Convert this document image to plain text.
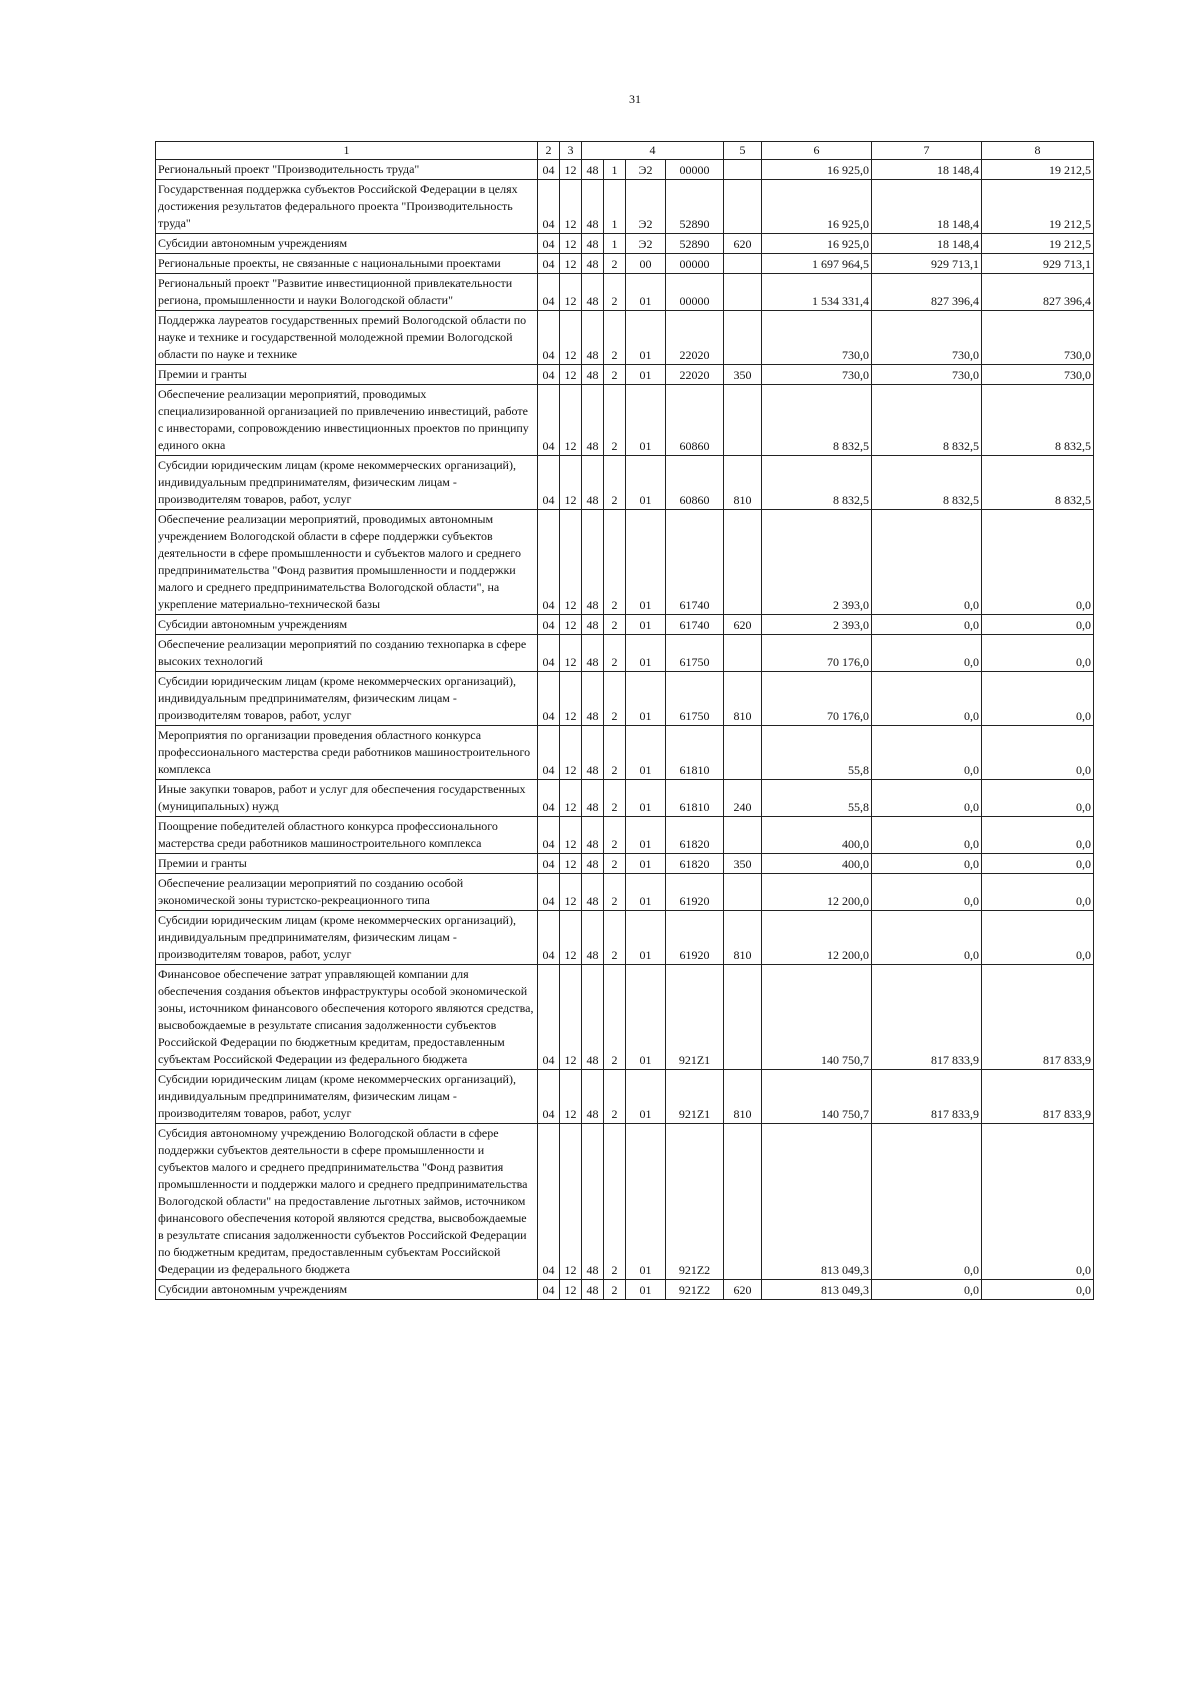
31
1	2	3	4				5	6	7	8
Региональный проект "Производительность труда"	04	12	48	1	Э2	00000		16 925,0	18 148,4	19 212,5
Государственная поддержка субъектов Российской Федерации в целях достижения результатов федерального проекта "Производительность труда"	04	12	48	1	Э2	52890		16 925,0	18 148,4	19 212,5
Субсидии автономным учреждениям	04	12	48	1	Э2	52890	620	16 925,0	18 148,4	19 212,5
Региональные проекты, не связанные с национальными проектами	04	12	48	2	00	00000		1 697 964,5	929 713,1	929 713,1
Региональный проект "Развитие инвестиционной привлекательности региона, промышленности и науки Вологодской области"	04	12	48	2	01	00000		1 534 331,4	827 396,4	827 396,4
Поддержка лауреатов государственных премий Вологодской области по науке и технике и государственной молодежной премии Вологодской области по науке и технике	04	12	48	2	01	22020		730,0	730,0	730,0
Премии и гранты	04	12	48	2	01	22020	350	730,0	730,0	730,0
Обеспечение реализации мероприятий, проводимых специализированной организацией по привлечению инвестиций, работе с инвесторами, сопровождению инвестиционных проектов по принципу единого окна	04	12	48	2	01	60860		8 832,5	8 832,5	8 832,5
Субсидии юридическим лицам (кроме некоммерческих организаций), индивидуальным предпринимателям, физическим лицам - производителям товаров, работ, услуг	04	12	48	2	01	60860	810	8 832,5	8 832,5	8 832,5
Обеспечение реализации мероприятий, проводимых автономным учреждением Вологодской области в сфере поддержки субъектов деятельности в сфере промышленности и субъектов малого и среднего предпринимательства "Фонд развития промышленности и поддержки малого и среднего предпринимательства Вологодской области", на укрепление материально-технической базы	04	12	48	2	01	61740		2 393,0	0,0	0,0
Субсидии автономным учреждениям	04	12	48	2	01	61740	620	2 393,0	0,0	0,0
Обеспечение реализации мероприятий по созданию технопарка в сфере высоких технологий	04	12	48	2	01	61750		70 176,0	0,0	0,0
Субсидии юридическим лицам (кроме некоммерческих организаций), индивидуальным предпринимателям, физическим лицам - производителям товаров, работ, услуг	04	12	48	2	01	61750	810	70 176,0	0,0	0,0
Мероприятия по организации проведения областного конкурса профессионального мастерства среди работников машиностроительного комплекса	04	12	48	2	01	61810		55,8	0,0	0,0
Иные закупки товаров, работ и услуг для обеспечения государственных (муниципальных) нужд	04	12	48	2	01	61810	240	55,8	0,0	0,0
Поощрение победителей областного конкурса профессионального мастерства среди работников машиностроительного комплекса	04	12	48	2	01	61820		400,0	0,0	0,0
Премии и гранты	04	12	48	2	01	61820	350	400,0	0,0	0,0
Обеспечение реализации мероприятий по созданию особой экономической зоны туристско-рекреационного типа	04	12	48	2	01	61920		12 200,0	0,0	0,0
Субсидии юридическим лицам (кроме некоммерческих организаций), индивидуальным предпринимателям, физическим лицам - производителям товаров, работ, услуг	04	12	48	2	01	61920	810	12 200,0	0,0	0,0
Финансовое обеспечение затрат управляющей компании для обеспечения создания объектов инфраструктуры особой экономической зоны, источником финансового обеспечения которого являются средства, высвобождаемые в результате списания задолженности субъектов Российской Федерации по бюджетным кредитам, предоставленным субъектам Российской Федерации из федерального бюджета	04	12	48	2	01	921Z1		140 750,7	817 833,9	817 833,9
Субсидии юридическим лицам (кроме некоммерческих организаций), индивидуальным предпринимателям, физическим лицам - производителям товаров, работ, услуг	04	12	48	2	01	921Z1	810	140 750,7	817 833,9	817 833,9
Субсидия автономному учреждению Вологодской области в сфере поддержки субъектов деятельности в сфере промышленности и субъектов малого и среднего предпринимательства "Фонд развития промышленности и поддержки малого и среднего предпринимательства Вологодской области" на предоставление льготных займов, источником финансового обеспечения которой являются средства, высвобождаемые в результате списания задолженности субъектов Российской Федерации по бюджетным кредитам, предоставленным субъектам Российской Федерации из федерального бюджета	04	12	48	2	01	921Z2		813 049,3	0,0	0,0
Субсидии автономным учреждениям	04	12	48	2	01	921Z2	620	813 049,3	0,0	0,0
